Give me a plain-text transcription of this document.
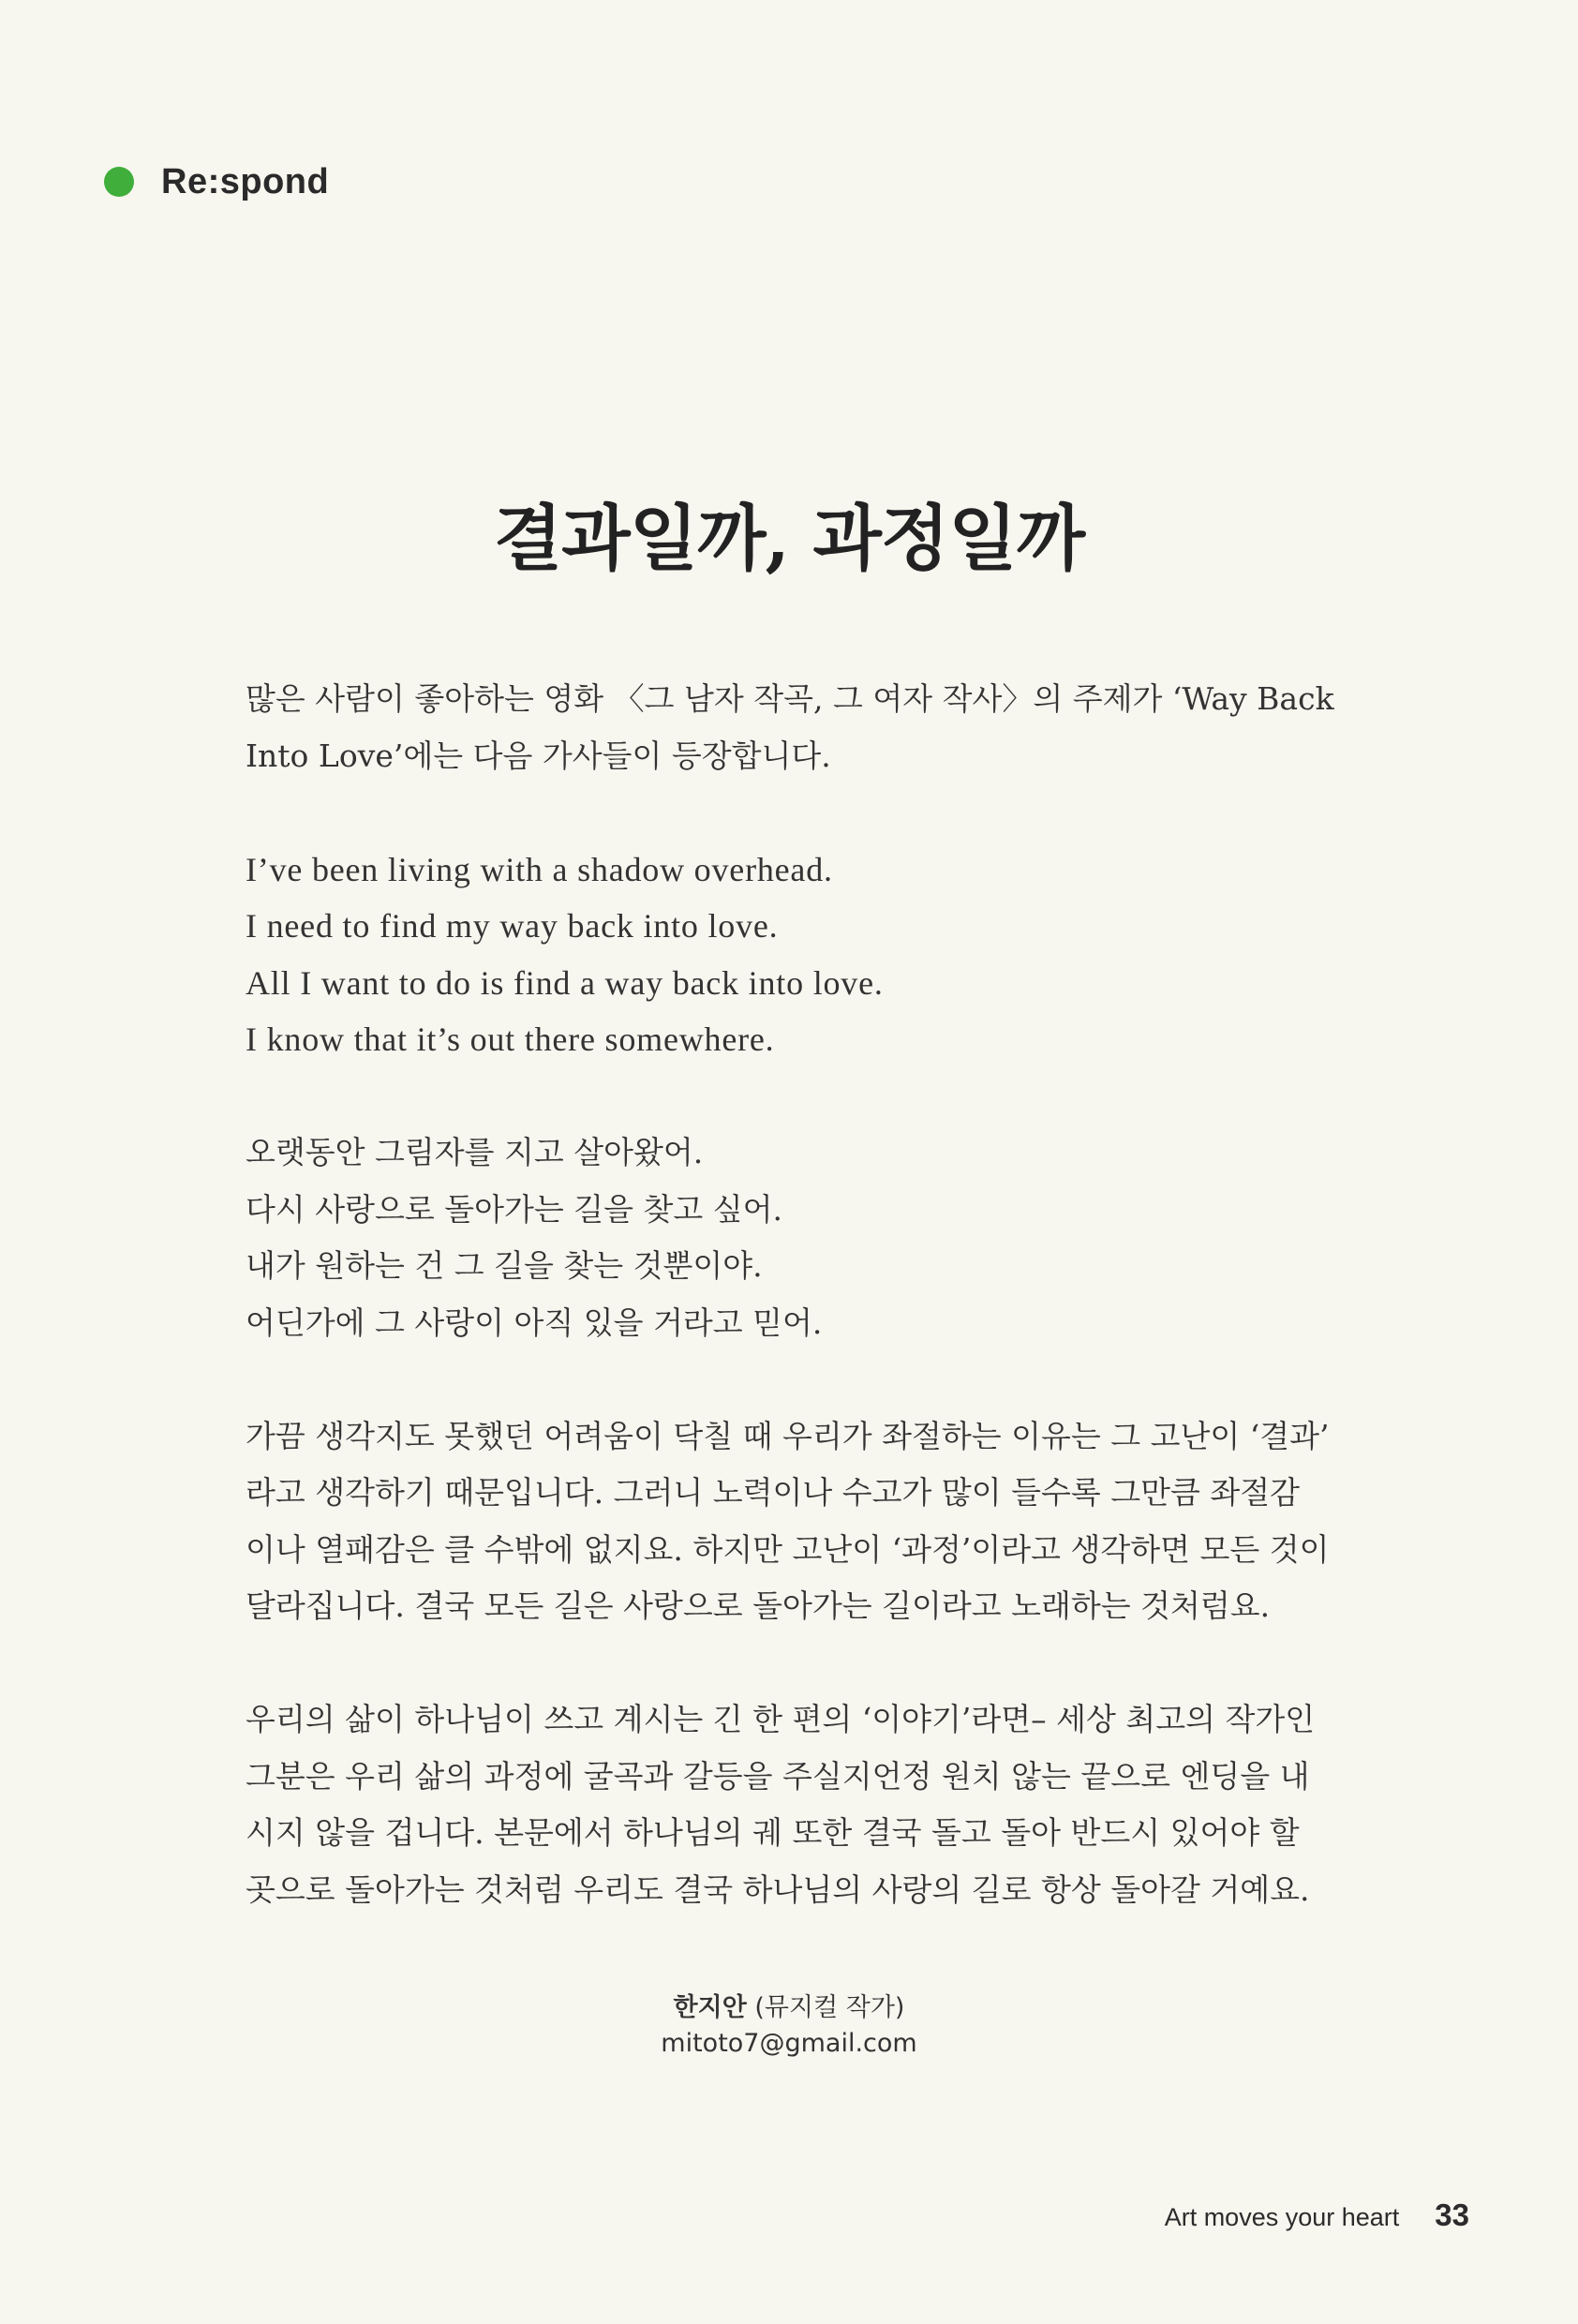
Re:spond
결과일까, 과정일까

많은 사람이 좋아하는 영화 〈그 남자 작곡, 그 여자 작사〉의 주제가 ‘Way Back
Into Love’에는 다음 가사들이 등장합니다.

I’ve been living with a shadow overhead.
I need to find my way back into love.
All I want to do is find a way back into love.
I know that it’s out there somewhere.

오랫동안 그림자를 지고 살아왔어.
다시 사랑으로 돌아가는 길을 찾고 싶어.
내가 원하는 건 그 길을 찾는 것뿐이야.
어딘가에 그 사랑이 아직 있을 거라고 믿어.

가끔 생각지도 못했던 어려움이 닥칠 때 우리가 좌절하는 이유는 그 고난이 ‘결과’
라고 생각하기 때문입니다. 그러니 노력이나 수고가 많이 들수록 그만큼 좌절감
이나 열패감은 클 수밖에 없지요. 하지만 고난이 ‘과정’이라고 생각하면 모든 것이
달라집니다. 결국 모든 길은 사랑으로 돌아가는 길이라고 노래하는 것처럼요.

우리의 삶이 하나님이 쓰고 계시는 긴 한 편의 ‘이야기’라면– 세상 최고의 작가인
그분은 우리 삶의 과정에 굴곡과 갈등을 주실지언정 원치 않는 끝으로 엔딩을 내
시지 않을 겁니다. 본문에서 하나님의 궤 또한 결국 돌고 돌아 반드시 있어야 할
곳으로 돌아가는 것처럼 우리도 결국 하나님의 사랑의 길로 항상 돌아갈 거예요.

한지안 (뮤지컬 작가)
mitoto7@gmail.com
Art moves your heart 33
